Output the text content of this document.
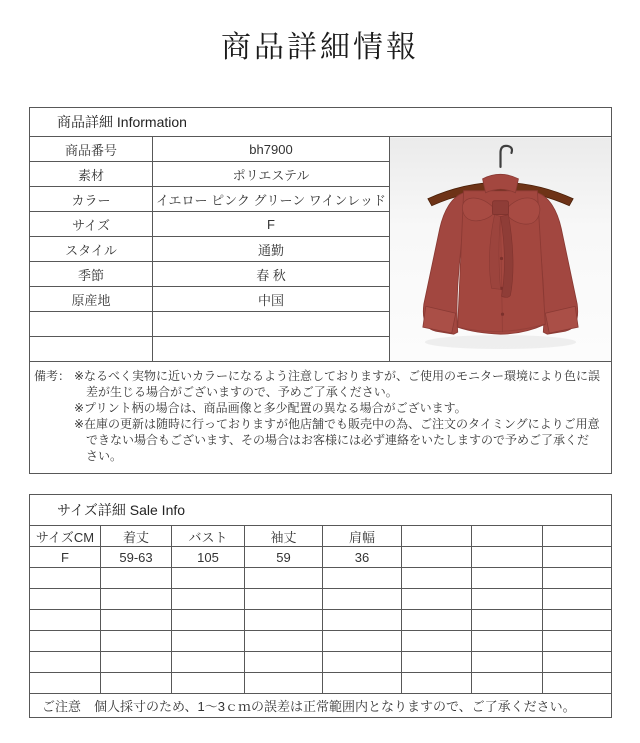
商品詳細情報
商品詳細 Information		
商品番号	bh7900	

素材	ポリエステル	
カラー	イエロー ピンク グリーン ワインレッド	
サイズ	F	
スタイル	通勤	
季節	春 秋	
原産地	中国	

備考： ※なるべく実物に近いカラーになるよう注意しておりますが、ご使用のモニター環境により色に誤差が生じる場合がございますので、予めご了承ください。

※プリント柄の場合は、商品画像と多少配置の異なる場合がございます。

※在庫の更新は随時に行っておりますが他店舗でも販売中の為、ご注文のタイミングによりご用意できない場合もございます、その場合はお客様には必ず連絡をいたしますので予めご了承ください。		

サイズ詳細 Sale Info							
サイズCM	着丈	バスト	袖丈	肩幅			
F	59-63	105	59	36			

ご注意　個人採寸のため、1～3ｃｍの誤差は正常範囲内となりますので、ご了承ください。							
